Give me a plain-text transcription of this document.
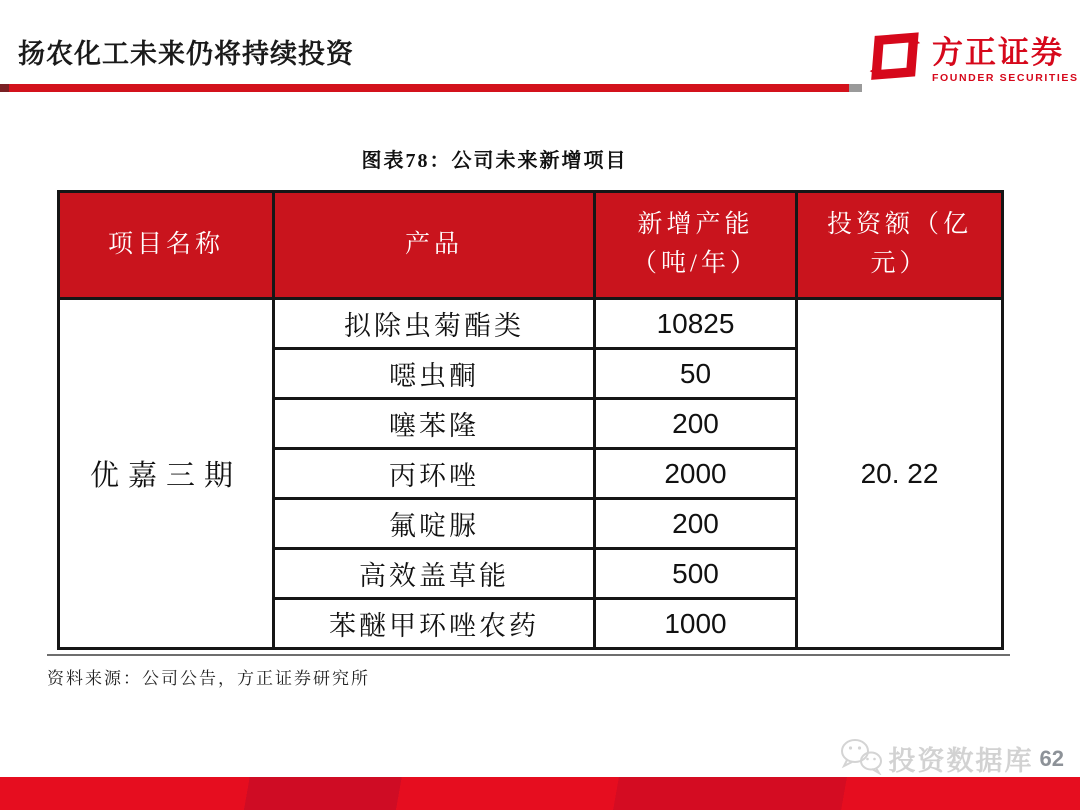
扬农化工未来仍将持续投资	方正证券
FOUNDER SECURITIES
图表78：公司未来新增项目
项目名称	产品	新增产能（吨/年）	投资额（亿元）
优嘉三期	拟除虫菊酯类	10825	20. 22
	噁虫酮	50	
	噻苯隆	200	
	丙环唑	2000	
	氟啶脲	200	
	高效盖草能	500	
	苯醚甲环唑农药	1000	
资料来源：公司公告，方正证券研究所
投资数据库 62
